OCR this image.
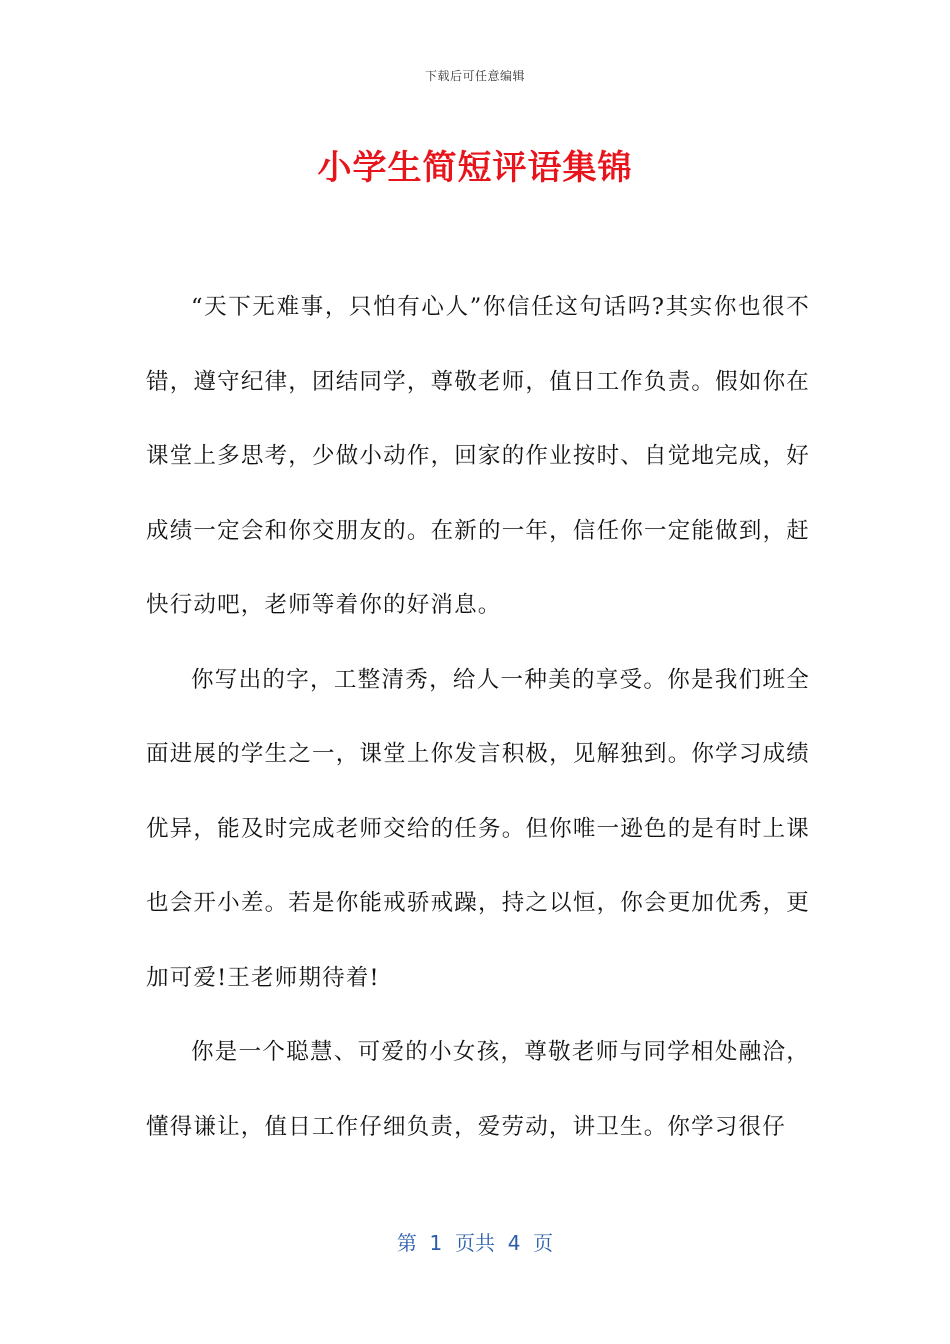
下载后可任意编辑
小学生简短评语集锦

“天下无难事，只怕有心人”你信任这句话吗?其实你也很不错，遵守纪律，团结同学，尊敬老师，值日工作负责。假如你在课堂上多思考，少做小动作，回家的作业按时、自觉地完成，好成绩一定会和你交朋友的。在新的一年，信任你一定能做到，赶快行动吧，老师等着你的好消息。

你写出的字，工整清秀，给人一种美的享受。你是我们班全面进展的学生之一，课堂上你发言积极，见解独到。你学习成绩优异，能及时完成老师交给的任务。但你唯一逊色的是有时上课也会开小差。若是你能戒骄戒躁，持之以恒，你会更加优秀，更加可爱!王老师期待着!

你是一个聪慧、可爱的小女孩，尊敬老师与同学相处融洽，懂得谦让，值日工作仔细负责，爱劳动，讲卫生。你学习很仔

第  1  页共  4  页
